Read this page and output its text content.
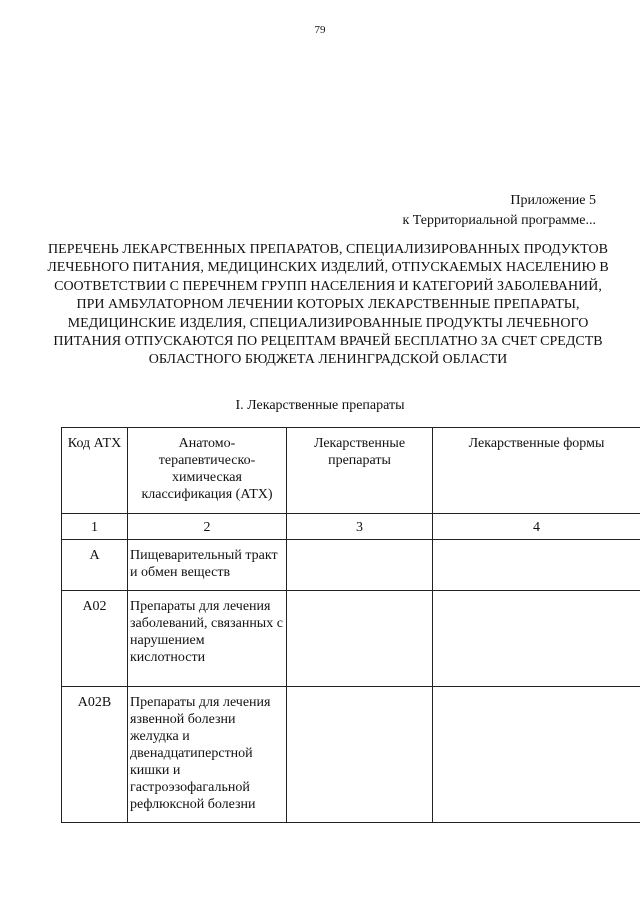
79
Приложение 5
к Территориальной программе...
ПЕРЕЧЕНЬ ЛЕКАРСТВЕННЫХ ПРЕПАРАТОВ, СПЕЦИАЛИЗИРОВАННЫХ ПРОДУКТОВ ЛЕЧЕБНОГО ПИТАНИЯ, МЕДИЦИНСКИХ ИЗДЕЛИЙ, ОТПУСКАЕМЫХ НАСЕЛЕНИЮ В СООТВЕТСТВИИ С ПЕРЕЧНЕМ ГРУПП НАСЕЛЕНИЯ И КАТЕГОРИЙ ЗАБОЛЕВАНИЙ, ПРИ АМБУЛАТОРНОМ ЛЕЧЕНИИ КОТОРЫХ ЛЕКАРСТВЕННЫЕ ПРЕПАРАТЫ, МЕДИЦИНСКИЕ ИЗДЕЛИЯ, СПЕЦИАЛИЗИРОВАННЫЕ ПРОДУКТЫ ЛЕЧЕБНОГО ПИТАНИЯ ОТПУСКАЮТСЯ ПО РЕЦЕПТАМ ВРАЧЕЙ БЕСПЛАТНО ЗА СЧЕТ СРЕДСТВ ОБЛАСТНОГО БЮДЖЕТА ЛЕНИНГРАДСКОЙ ОБЛАСТИ
I. Лекарственные препараты
Код АТХ	Анатомо-терапевтическо-химическая классификация (АТХ)	Лекарственные препараты	Лекарственные формы
1	2	3	4
А	Пищеварительный тракт и обмен веществ		
A02	Препараты для лечения заболеваний, связанных с нарушением кислотности		
A02B	Препараты для лечения язвенной болезни желудка и двенадцатиперстной кишки и гастроэзофагальной рефлюксной болезни		
